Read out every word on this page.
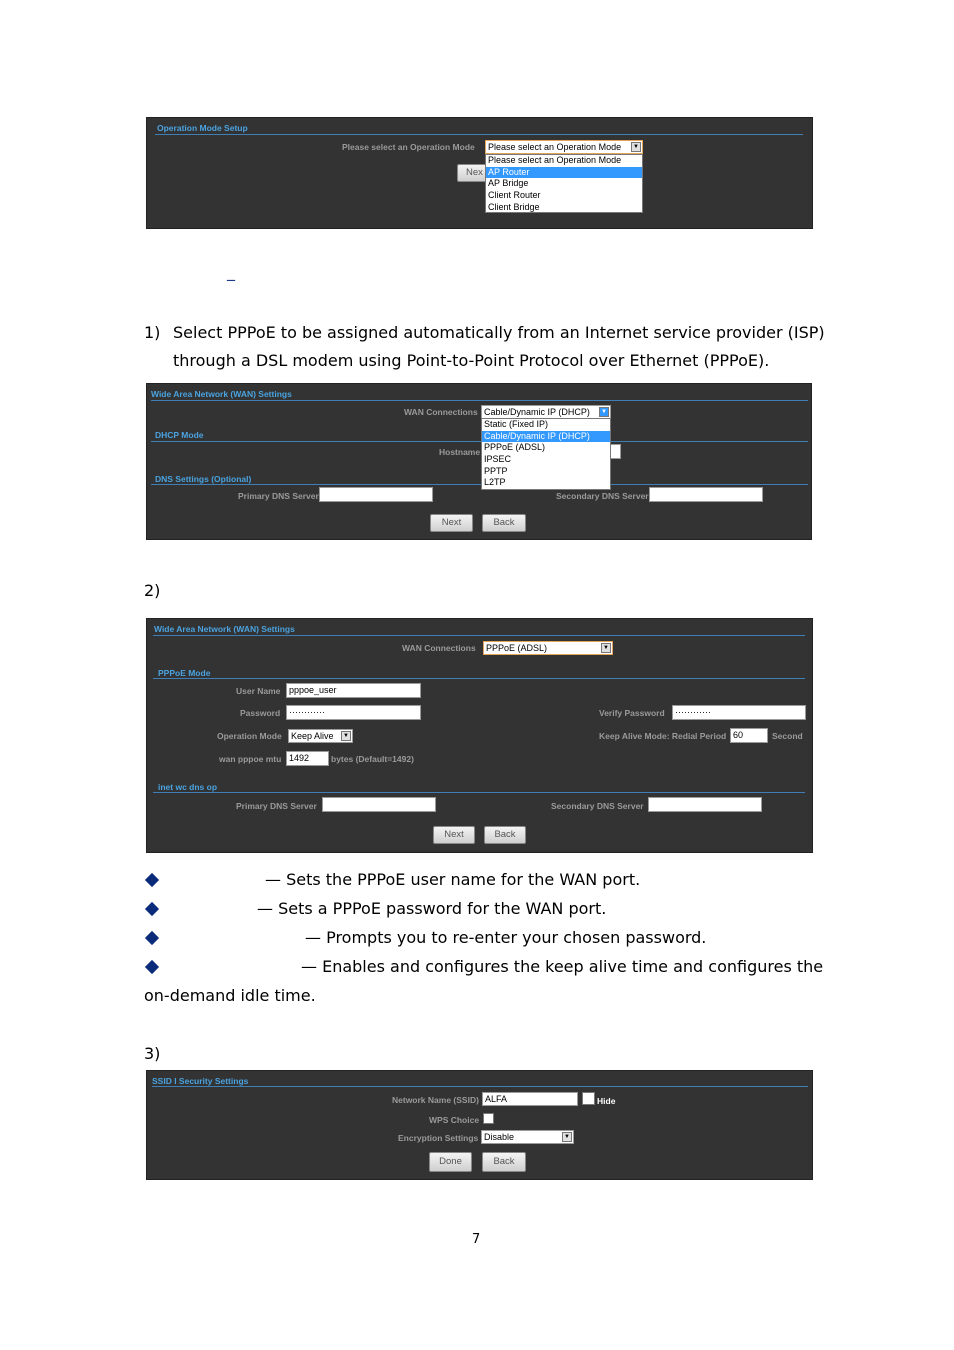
Operation Mode Setup
Please select an Operation Mode	Please select an Operation Mode	▼
Nex
Please select an Operation Mode
AP Router
AP Bridge
Client Router
Client Bridge
_
1) Select PPPoE to be assigned automatically from an Internet service provider (ISP)
through a DSL modem using Point-to-Point Protocol over Ethernet (PPPoE).
Wide Area Network (WAN) Settings
WAN Connections Cable/Dynamic IP (DHCP)	▼
DHCP Mode
Hostname
DNS Settings (Optional)
Primary DNS Server	Secondary DNS Server
Next	Back
Static (Fixed IP)
Cable/Dynamic IP (DHCP)
PPPoE (ADSL)
IPSEC
PPTP
L2TP
2)
Wide Area Network (WAN) Settings
WAN Connections	PPPoE (ADSL)	▼
PPPoE Mode
User Name pppoe_user
Password ············	Verify Password	············
Operation Mode	Keep Alive	▼	Keep Alive Mode: Redial Period 60	Second
wan pppoe mtu 1492	bytes (Default=1492)
inet wc dns op
Primary DNS Server	Secondary DNS Server
Next	Back
— Sets the PPPoE user name for the WAN port.
— Sets a PPPoE password for the WAN port.
— Prompts you to re-enter your chosen password.
— Enables and configures the keep alive time and configures the
on-demand idle time.
3)
SSID I Security Settings
Network Name (SSID) ALFA	Hide
WPS Choice
Encryption Settings Disable	▼
Done	Back
7
